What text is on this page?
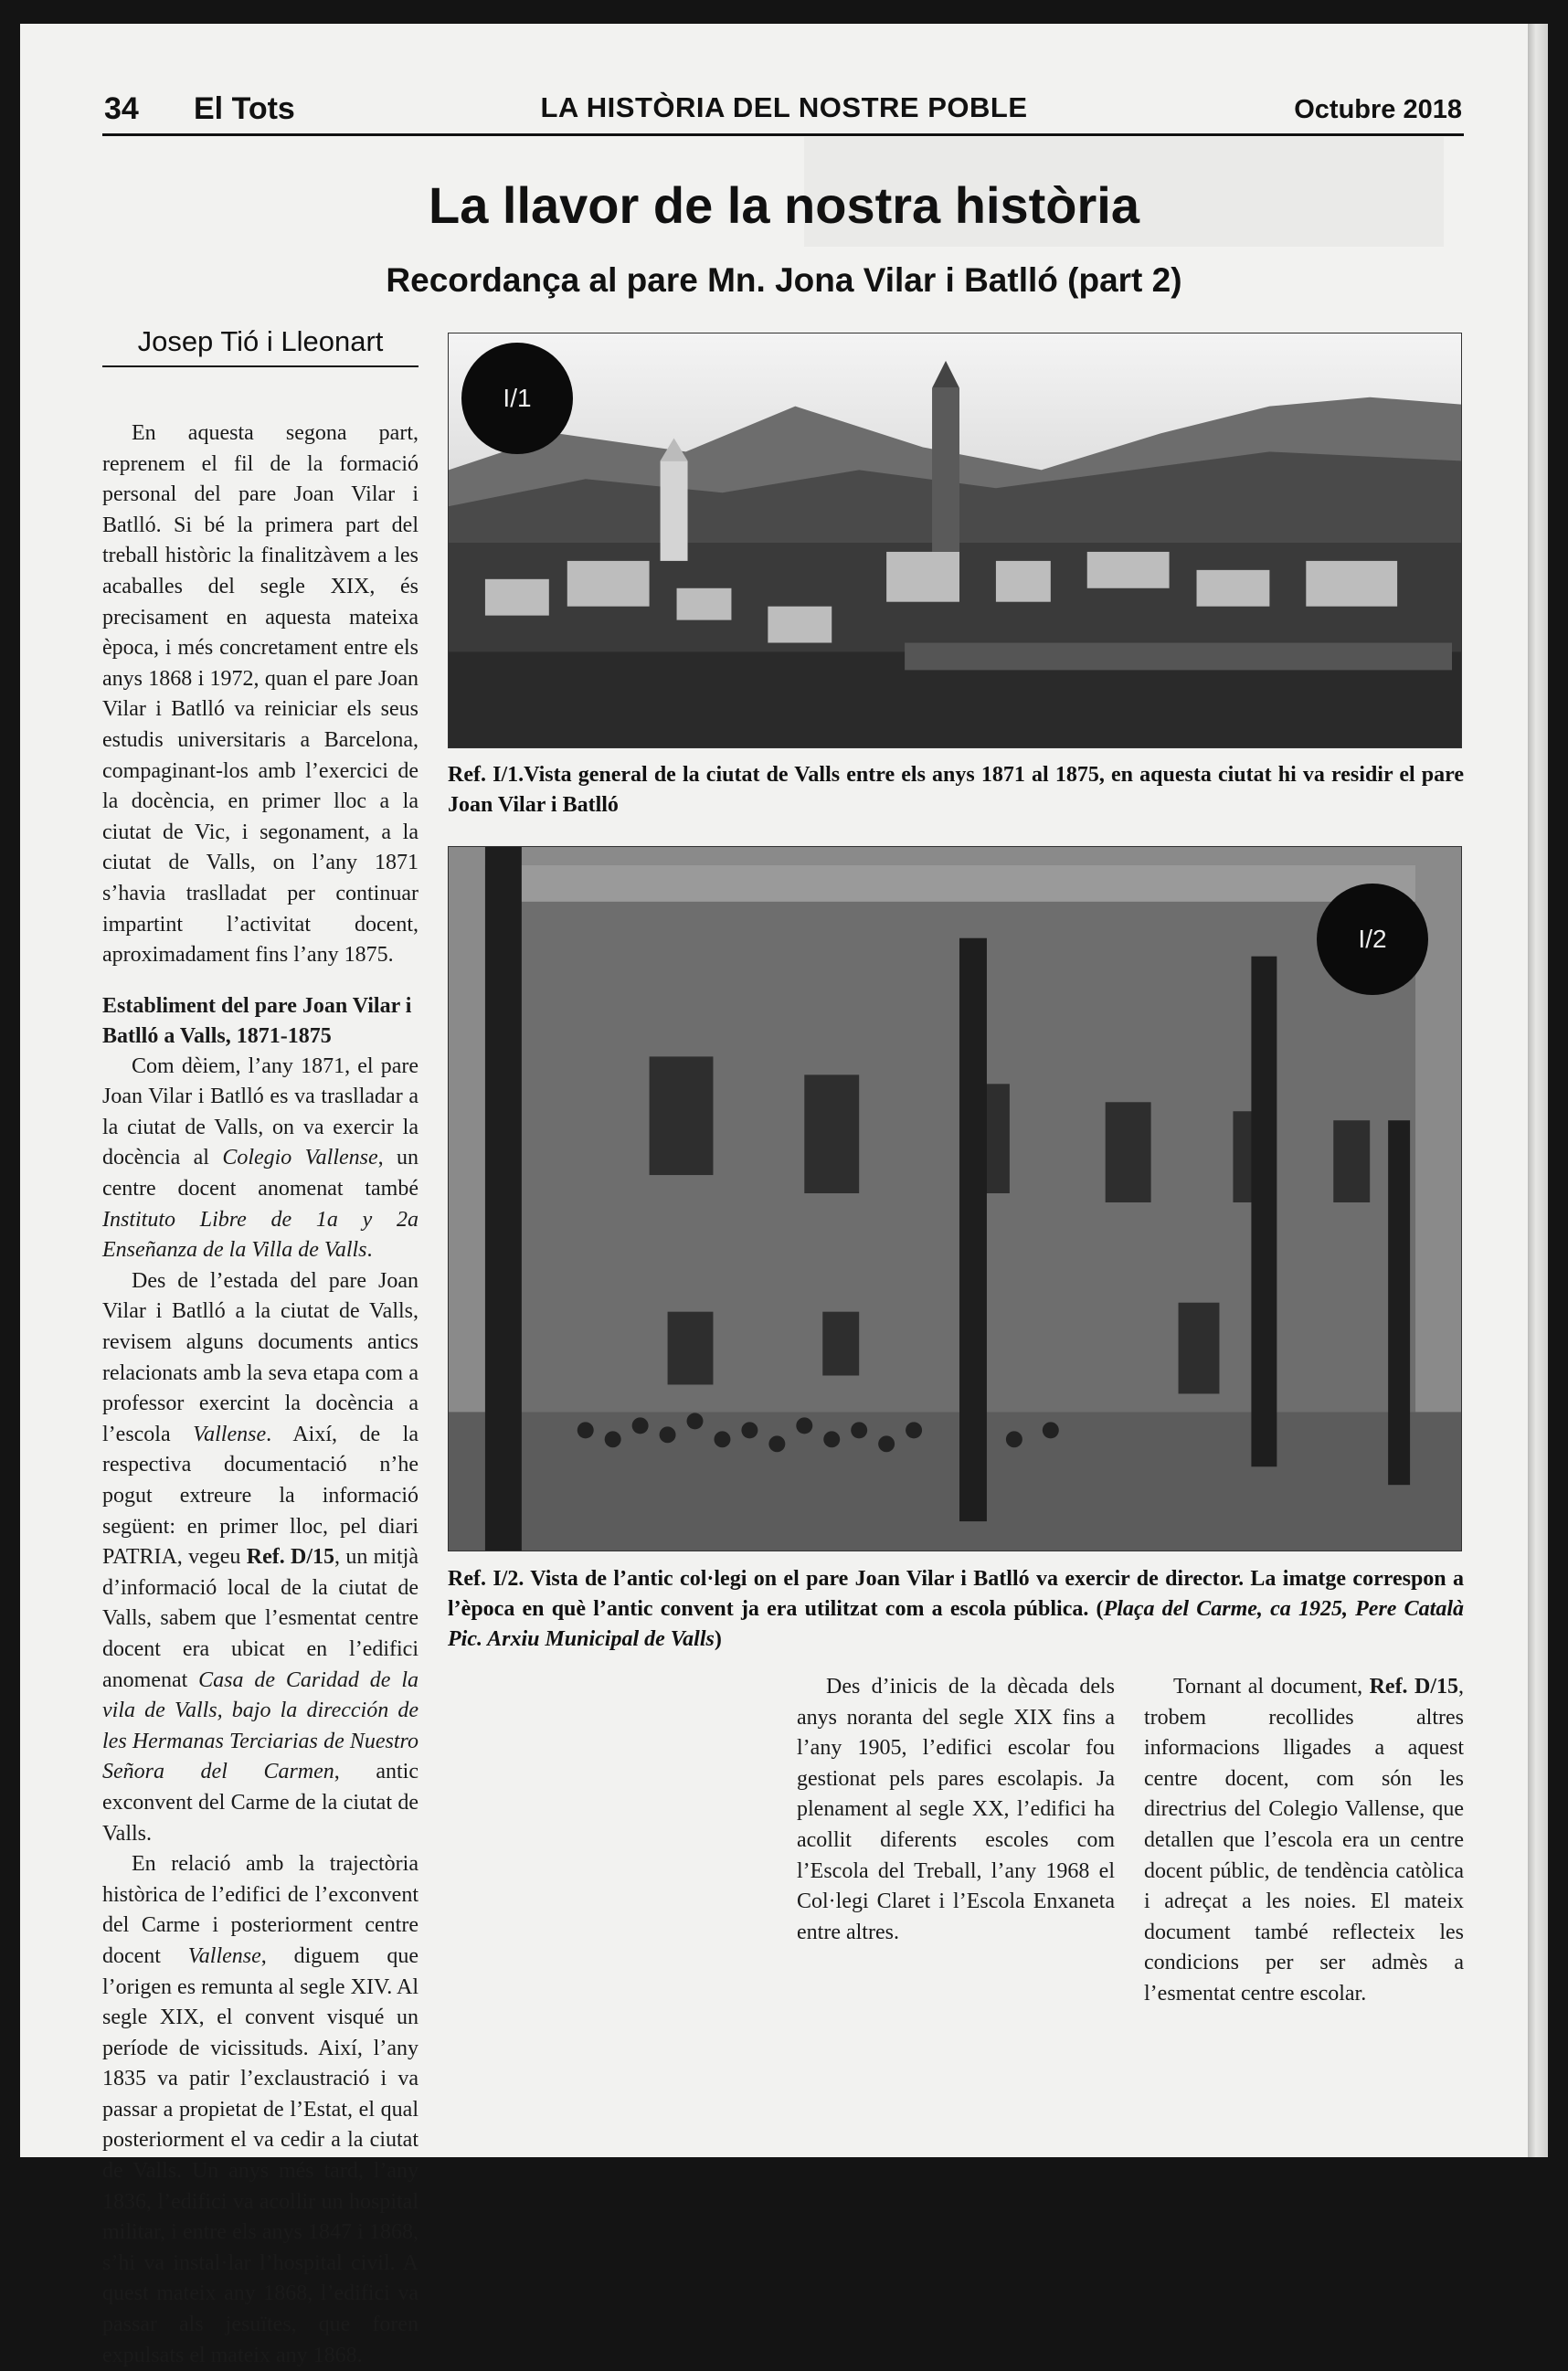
34 El Tots	LA HISTÒRIA DEL NOSTRE POBLE	Octubre 2018
La llavor de la nostra història
Recordança al pare Mn. Jona Vilar i Batlló (part 2)
Josep Tió i Lleonart

En aquesta segona part, reprenem el fil de la formació personal del pare Joan Vilar i Batlló. Si bé la primera part del treball històric la finalitzàvem a les acaballes del segle XIX, és precisament en aquesta mateixa època, i més concretament entre els anys 1868 i 1972, quan el pare Joan Vilar i Batlló va reiniciar els seus estudis universitaris a Barcelona, compaginant-los amb l’exercici de la docència, en primer lloc a la ciutat de Vic, i segonament, a la ciutat de Valls, on l’any 1871 s’havia traslladat per continuar impartint l’activitat docent, aproximadament fins l’any 1875.

Establiment del pare Joan Vilar i Batlló a Valls, 1871-1875

Com dèiem, l’any 1871, el pare Joan Vilar i Batlló es va traslladar a la ciutat de Valls, on va exercir la docència al Colegio Vallense, un centre docent anomenat també Instituto Libre de 1a y 2a Enseñanza de la Villa de Valls.

Des de l’estada del pare Joan Vilar i Batlló a la ciutat de Valls, revisem alguns documents antics relacionats amb la seva etapa com a professor exercint la docència a l’escola Vallense. Així, de la respectiva documentació n’he pogut extreure la informació següent: en primer lloc, pel diari PATRIA, vegeu Ref. D/15, un mitjà d’informació local de la ciutat de Valls, sabem que l’esmentat centre docent era ubicat en l’edifici anomenat Casa de Caridad de la vila de Valls, bajo la dirección de les Hermanas Terciarias de Nuestro Señora del Carmen, antic exconvent del Carme de la ciutat de Valls.

En relació amb la trajectòria històrica de l’edifici de l’exconvent del Carme i posteriorment centre docent Vallense, diguem que l’origen es remunta al segle XIV. Al segle XIX, el convent visqué un període de vicissituds. Així, l’any 1835 va patir l’exclaustració i va passar a propietat de l’Estat, el qual posteriorment el va cedir a la ciutat de Valls. Un anys més tard, l’any 1836, l’edifici va acollir un hospital militar, i entre els anys 1847 i 1868, s’hi va instal·lar l’hospital civil. A quest mateix any 1868, l’edifici va passar als jesuïtes, que foren expulsats el mateix any 1868.

I/1
Ref. I/1.Vista general de la ciutat de Valls entre els anys 1871 al 1875, en aquesta ciutat hi va residir el pare Joan Vilar i Batlló
I/2
Ref. I/2. Vista de l’antic col·legi on el pare Joan Vilar i Batlló va exercir de director. La imatge correspon a l’època en què l’antic convent ja era utilitzat com a escola pública. (Plaça del Carme, ca 1925, Pere Català Pic. Arxiu Municipal de Valls)

Des d’inicis de la dècada dels anys noranta del segle XIX fins a l’any 1905, l’edifici escolar fou gestionat pels pares escolapis. Ja plenament al segle XX, l’edifici ha acollit diferents escoles com l’Escola del Treball, l’any 1968 el Col·legi Claret i l’Escola Enxaneta entre altres.

Tornant al document, Ref. D/15, trobem recollides altres informacions lligades a aquest centre docent, com són les directrius del Colegio Vallense, que detallen que l’escola era un centre docent públic, de tendència catòlica i adreçat a les noies. El mateix document també reflecteix les condicions per ser admès a l’esmentat centre escolar.
